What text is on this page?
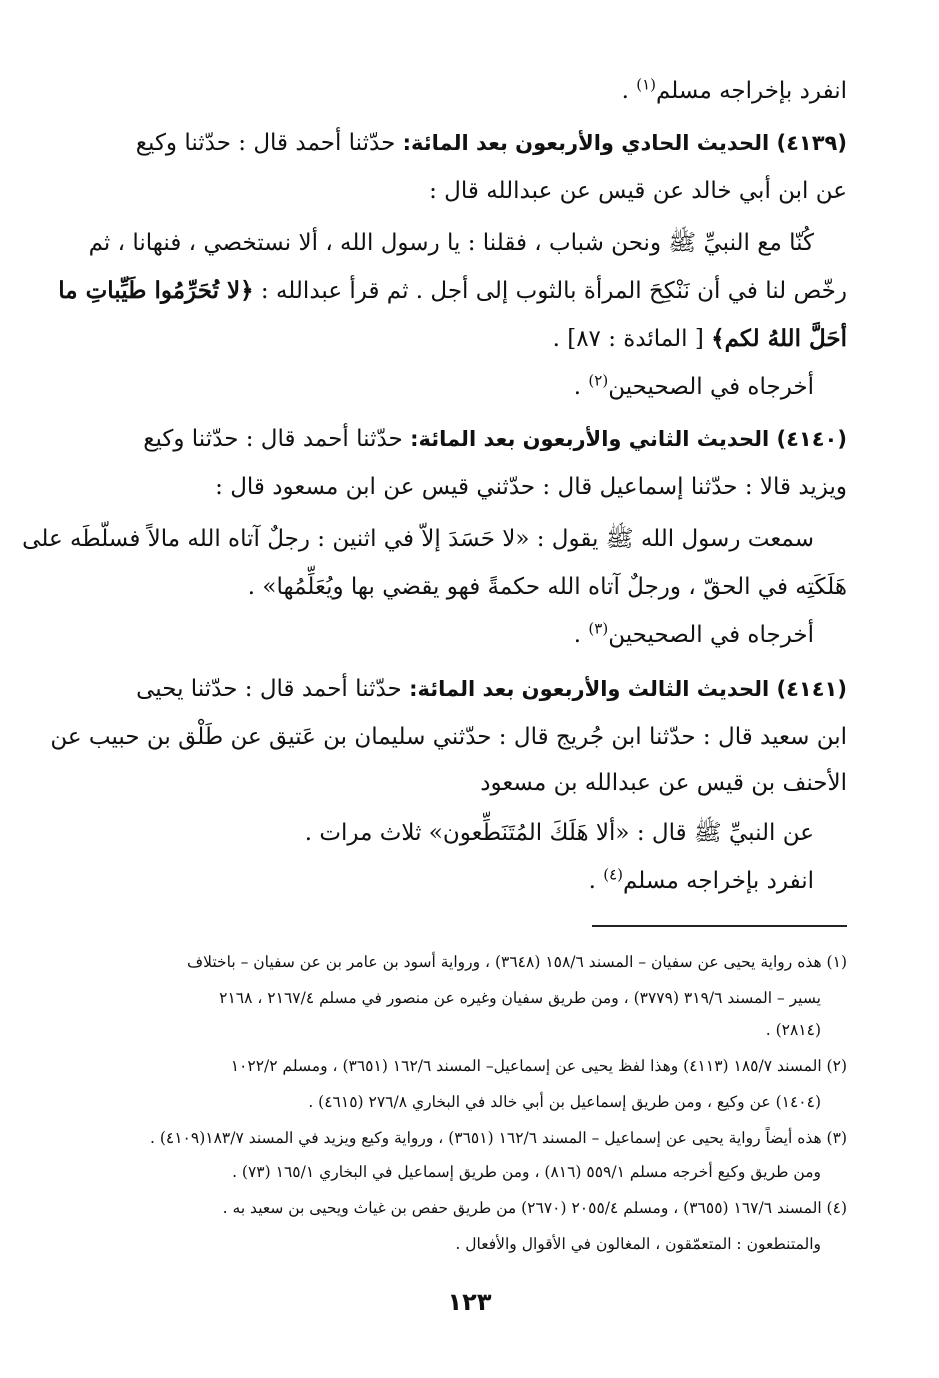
انفرد بإخراجه مسلم$^{(١)}$ .
(٤١٣٩) الحديث الحادي والأربعون بعد المائة: حدّثنا أحمد قال : حدّثنا وكيع
عن ابن أبي خالد عن قيس عن عبدالله قال :
كُنّا مع النبيِّ ﷺ ونحن شباب ، فقلنا : يا رسول الله ، ألا نستخصي ، فنهانا ، ثم
رخّص لنا في أن نَنْكِحَ المرأة بالثوب إلى أجل . ثم قرأ عبدالله : ﴿لا تُحَرِّمُوا طَيِّباتِ ما
أحَلَّ اللهُ لكم﴾ [ المائدة : ٨٧] .
أخرجاه في الصحيحين$^{(٢)}$ .
(٤١٤٠) الحديث الثاني والأربعون بعد المائة: حدّثنا أحمد قال : حدّثنا وكيع
ويزيد قالا : حدّثنا إسماعيل قال : حدّثني قيس عن ابن مسعود قال :
سمعت رسول الله ﷺ يقول : «لا حَسَدَ إلاّ في اثنين : رجلٌ آتاه الله مالاً فسلّطَه على
هَلَكَتِه في الحقّ ، ورجلٌ آتاه الله حكمةً فهو يقضي بها ويُعَلِّمُها» .
أخرجاه في الصحيحين$^{(٣)}$ .
(٤١٤١) الحديث الثالث والأربعون بعد المائة: حدّثنا أحمد قال : حدّثنا يحيى
ابن سعيد قال : حدّثنا ابن جُريج قال : حدّثني سليمان بن عَتيق عن طَلْق بن حبيب عن
الأحنف بن قيس عن عبدالله بن مسعود
عن النبيِّ ﷺ قال : «ألا هَلَكَ المُتَنَطِّعون» ثلاث مرات .
انفرد بإخراجه مسلم$^{(٤)}$ .
(١) هذه رواية يحيى عن سفيان – المسند ١٥٨/٦ (٣٦٤٨) ، ورواية أسود بن عامر بن عن سفيان – باختلاف
يسير – المسند ٣١٩/٦ (٣٧٧٩) ، ومن طريق سفيان وغيره عن منصور في مسلم ٢١٦٧/٤ ، ٢١٦٨
(٢٨١٤) .
(٢) المسند ١٨٥/٧ (٤١١٣) وهذا لفظ يحيى عن إسماعيل– المسند ١٦٢/٦ (٣٦٥١) ، ومسلم ١٠٢٢/٢
(١٤٠٤) عن وكيع ، ومن طريق إسماعيل بن أبي خالد في البخاري ٢٧٦/٨ (٤٦١٥) .
(٣) هذه أيضاً رواية يحيى عن إسماعيل – المسند ١٦٢/٦ (٣٦٥١) ، ورواية وكيع ويزيد في المسند ١٨٣/٧(٤١٠٩) .
ومن طريق وكيع أخرجه مسلم ٥٥٩/١ (٨١٦) ، ومن طريق إسماعيل في البخاري ١٦٥/١ (٧٣) .
(٤) المسند ١٦٧/٦ (٣٦٥٥) ، ومسلم ٢٠٥٥/٤ (٢٦٧٠) من طريق حفص بن غياث ويحيى بن سعيد به .
والمتنطعون : المتعمّقون ، المغالون في الأقوال والأفعال .
١٢٣
